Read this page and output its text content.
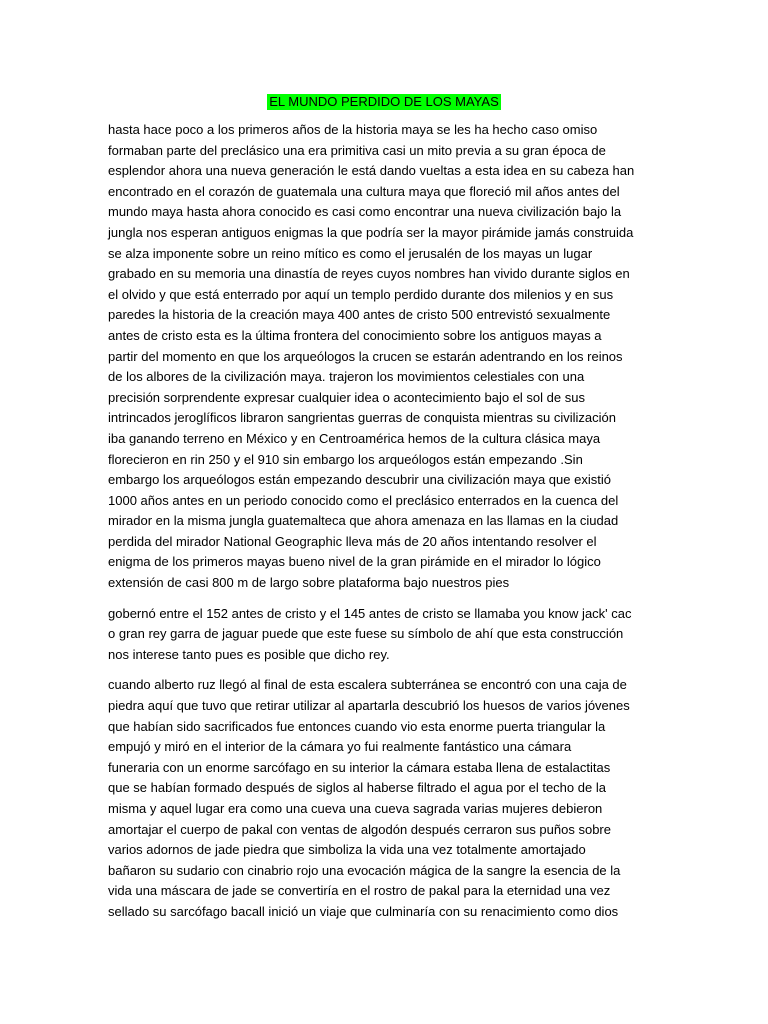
EL MUNDO PERDIDO DE LOS MAYAS

hasta hace poco a los primeros años de la historia maya se les ha hecho caso omiso
formaban parte del preclásico una era primitiva casi un mito previa a su gran época de
esplendor ahora una nueva generación le está dando vueltas a esta idea en su cabeza han
encontrado en el corazón de guatemala una cultura maya que floreció mil años antes del
mundo maya hasta ahora conocido es casi como encontrar una nueva civilización bajo la
jungla nos esperan antiguos enigmas la que podría ser la mayor pirámide jamás construida
se alza imponente sobre un reino mítico es como el jerusalén de los mayas un lugar
grabado en su memoria una dinastía de reyes cuyos nombres han vivido durante siglos en
el olvido y que está enterrado por aquí un templo perdido durante dos milenios y en sus
paredes la historia de la creación maya 400 antes de cristo 500 entrevistó sexualmente
antes de cristo esta es la última frontera del conocimiento sobre los antiguos mayas a
partir del momento en que los arqueólogos la crucen se estarán adentrando en los reinos
de los albores de la civilización maya. trajeron los movimientos celestiales con una
precisión sorprendente expresar cualquier idea o acontecimiento bajo el sol de sus
intrincados jeroglíficos libraron sangrientas guerras de conquista mientras su civilización
iba ganando terreno en México y en Centroamérica hemos de la cultura clásica maya
florecieron en rin 250 y el 910 sin embargo los arqueólogos están empezando .Sin
embargo los arqueólogos están empezando descubrir una civilización maya que existió
1000 años antes en un periodo conocido como el preclásico enterrados en la cuenca del
mirador en la misma jungla guatemalteca que ahora amenaza en las llamas en la ciudad
perdida del mirador National Geographic lleva más de 20 años intentando resolver el
enigma de los primeros mayas bueno nivel de la gran pirámide en el mirador lo lógico
extensión de casi 800 m de largo sobre plataforma bajo nuestros pies

gobernó entre el 152 antes de cristo y el 145 antes de cristo se llamaba you know jack' cac
o gran rey garra de jaguar puede que este fuese su símbolo de ahí que esta construcción
nos interese tanto pues es posible que dicho rey.

cuando alberto ruz llegó al final de esta escalera subterránea se encontró con una caja de
piedra aquí que tuvo que retirar utilizar al apartarla descubrió los huesos de varios jóvenes
que habían sido sacrificados fue entonces cuando vio esta enorme puerta triangular la
empujó y miró en el interior de la cámara yo fui realmente fantástico una cámara
funeraria con un enorme sarcófago en su interior la cámara estaba llena de estalactitas
que se habían formado después de siglos al haberse filtrado el agua por el techo de la
misma y aquel lugar era como una cueva una cueva sagrada varias mujeres debieron
amortajar el cuerpo de pakal con ventas de algodón después cerraron sus puños sobre
varios adornos de jade piedra que simboliza la vida una vez totalmente amortajado
bañaron su sudario con cinabrio rojo una evocación mágica de la sangre la esencia de la
vida una máscara de jade se convertiría en el rostro de pakal para la eternidad una vez
sellado su sarcófago bacall inició un viaje que culminaría con su renacimiento como dios
